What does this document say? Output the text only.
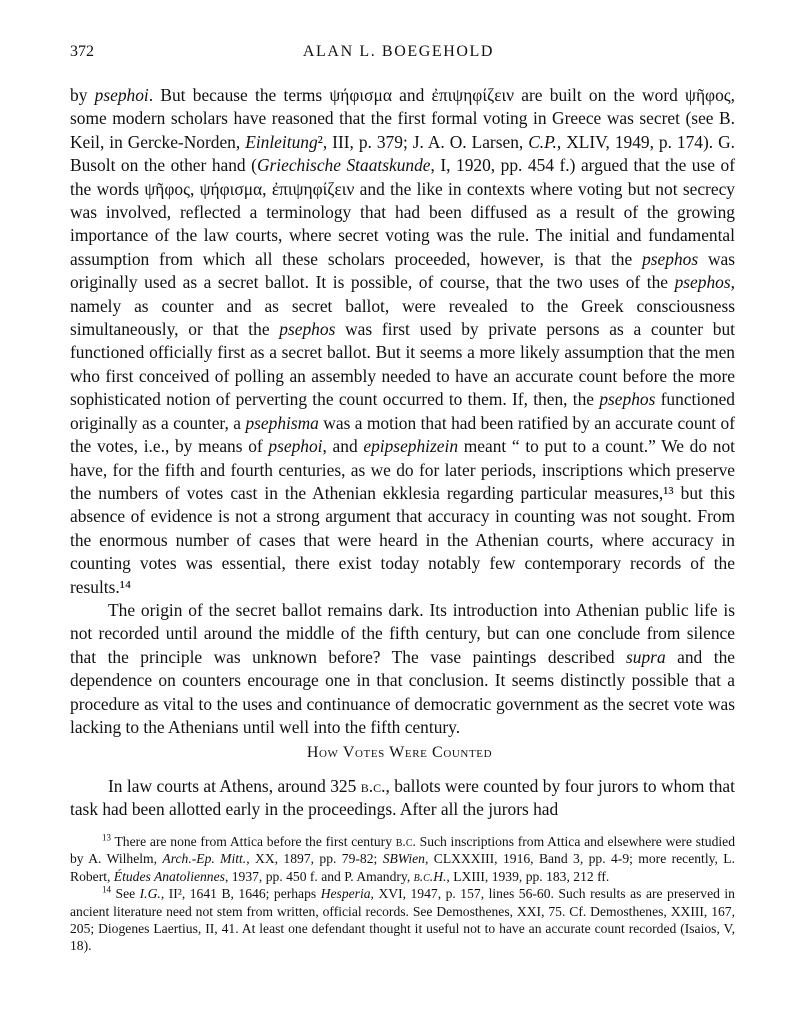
372	ALAN L. BOEGEHOLD

by psephoi. But because the terms ψήφισμα and ἐπιψηφίζειν are built on the word ψῆφος, some modern scholars have reasoned that the first formal voting in Greece was secret (see B. Keil, in Gercke-Norden, Einleitung², III, p. 379; J. A. O. Larsen, C.P., XLIV, 1949, p. 174). G. Busolt on the other hand (Griechische Staatskunde, I, 1920, pp. 454 f.) argued that the use of the words ψῆφος, ψήφισμα, ἐπιψηφίζειν and the like in contexts where voting but not secrecy was involved, reflected a terminology that had been diffused as a result of the growing importance of the law courts, where secret voting was the rule. The initial and fundamental assumption from which all these scholars proceeded, however, is that the psephos was originally used as a secret ballot. It is possible, of course, that the two uses of the psephos, namely as counter and as secret ballot, were revealed to the Greek consciousness simultaneously, or that the psephos was first used by private persons as a counter but functioned officially first as a secret ballot. But it seems a more likely assumption that the men who first conceived of polling an assembly needed to have an accurate count before the more sophisticated notion of perverting the count occurred to them. If, then, the psephos functioned originally as a counter, a psephisma was a motion that had been ratified by an accurate count of the votes, i.e., by means of psephoi, and epipsephizein meant “ to put to a count.” We do not have, for the fifth and fourth centuries, as we do for later periods, inscriptions which preserve the numbers of votes cast in the Athenian ekklesia regarding particular measures,¹³ but this absence of evidence is not a strong argument that accuracy in counting was not sought. From the enormous number of cases that were heard in the Athenian courts, where accuracy in counting votes was essential, there exist today notably few contemporary records of the results.¹⁴

The origin of the secret ballot remains dark. Its introduction into Athenian public life is not recorded until around the middle of the fifth century, but can one conclude from silence that the principle was unknown before? The vase paintings described supra and the dependence on counters encourage one in that conclusion. It seems distinctly possible that a procedure as vital to the uses and continuance of democratic government as the secret vote was lacking to the Athenians until well into the fifth century.

How Votes Were Counted

In law courts at Athens, around 325 b.c., ballots were counted by four jurors to whom that task had been allotted early in the proceedings. After all the jurors had

$^{13}$ There are none from Attica before the first century b.c. Such inscriptions from Attica and elsewhere were studied by A. Wilhelm, Arch.-Ep. Mitt., XX, 1897, pp. 79-82; SBWien, CLXXXIII, 1916, Band 3, pp. 4-9; more recently, L. Robert, Études Anatoliennes, 1937, pp. 450 f. and P. Amandry, b.c.H., LXIII, 1939, pp. 183, 212 ff.

$^{14}$ See I.G., II², 1641 B, 1646; perhaps Hesperia, XVI, 1947, p. 157, lines 56-60. Such results as are preserved in ancient literature need not stem from written, official records. See Demosthenes, XXI, 75. Cf. Demosthenes, XXIII, 167, 205; Diogenes Laertius, II, 41. At least one defendant thought it useful not to have an accurate count recorded (Isaios, V, 18).
